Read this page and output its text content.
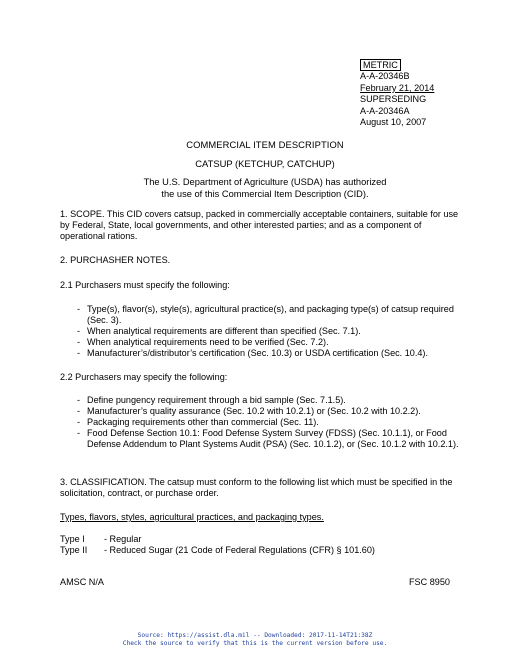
METRIC
A-A-20346B
February 21, 2014
SUPERSEDING
A-A-20346A
August 10, 2007
COMMERCIAL ITEM DESCRIPTION
CATSUP (KETCHUP, CATCHUP)
The U.S. Department of Agriculture (USDA) has authorized
the use of this Commercial Item Description (CID).
1. SCOPE. This CID covers catsup, packed in commercially acceptable containers, suitable for use by Federal, State, local governments, and other interested parties; and as a component of operational rations.
2. PURCHASHER NOTES.
2.1 Purchasers must specify the following:
- Type(s), flavor(s), style(s), agricultural practice(s), and packaging type(s) of catsup required (Sec. 3).
- When analytical requirements are different than specified (Sec. 7.1).
- When analytical requirements need to be verified (Sec. 7.2).
- Manufacturer’s/distributor’s certification (Sec. 10.3) or USDA certification (Sec. 10.4).
2.2 Purchasers may specify the following:
- Define pungency requirement through a bid sample (Sec. 7.1.5).
- Manufacturer’s quality assurance (Sec. 10.2 with 10.2.1) or (Sec. 10.2 with 10.2.2).
- Packaging requirements other than commercial (Sec. 11).
- Food Defense Section 10.1: Food Defense System Survey (FDSS) (Sec. 10.1.1), or Food Defense Addendum to Plant Systems Audit (PSA) (Sec. 10.1.2), or (Sec. 10.1.2 with 10.2.1).
3. CLASSIFICATION. The catsup must conform to the following list which must be specified in the solicitation, contract, or purchase order.
Types, flavors, styles, agricultural practices, and packaging types.
Type I	- Regular
Type II	- Reduced Sugar (21 Code of Federal Regulations (CFR) § 101.60)
AMSC N/A	FSC 8950
Source: https://assist.dla.mil -- Downloaded: 2017-11-14T21:38Z
Check the source to verify that this is the current version before use.
